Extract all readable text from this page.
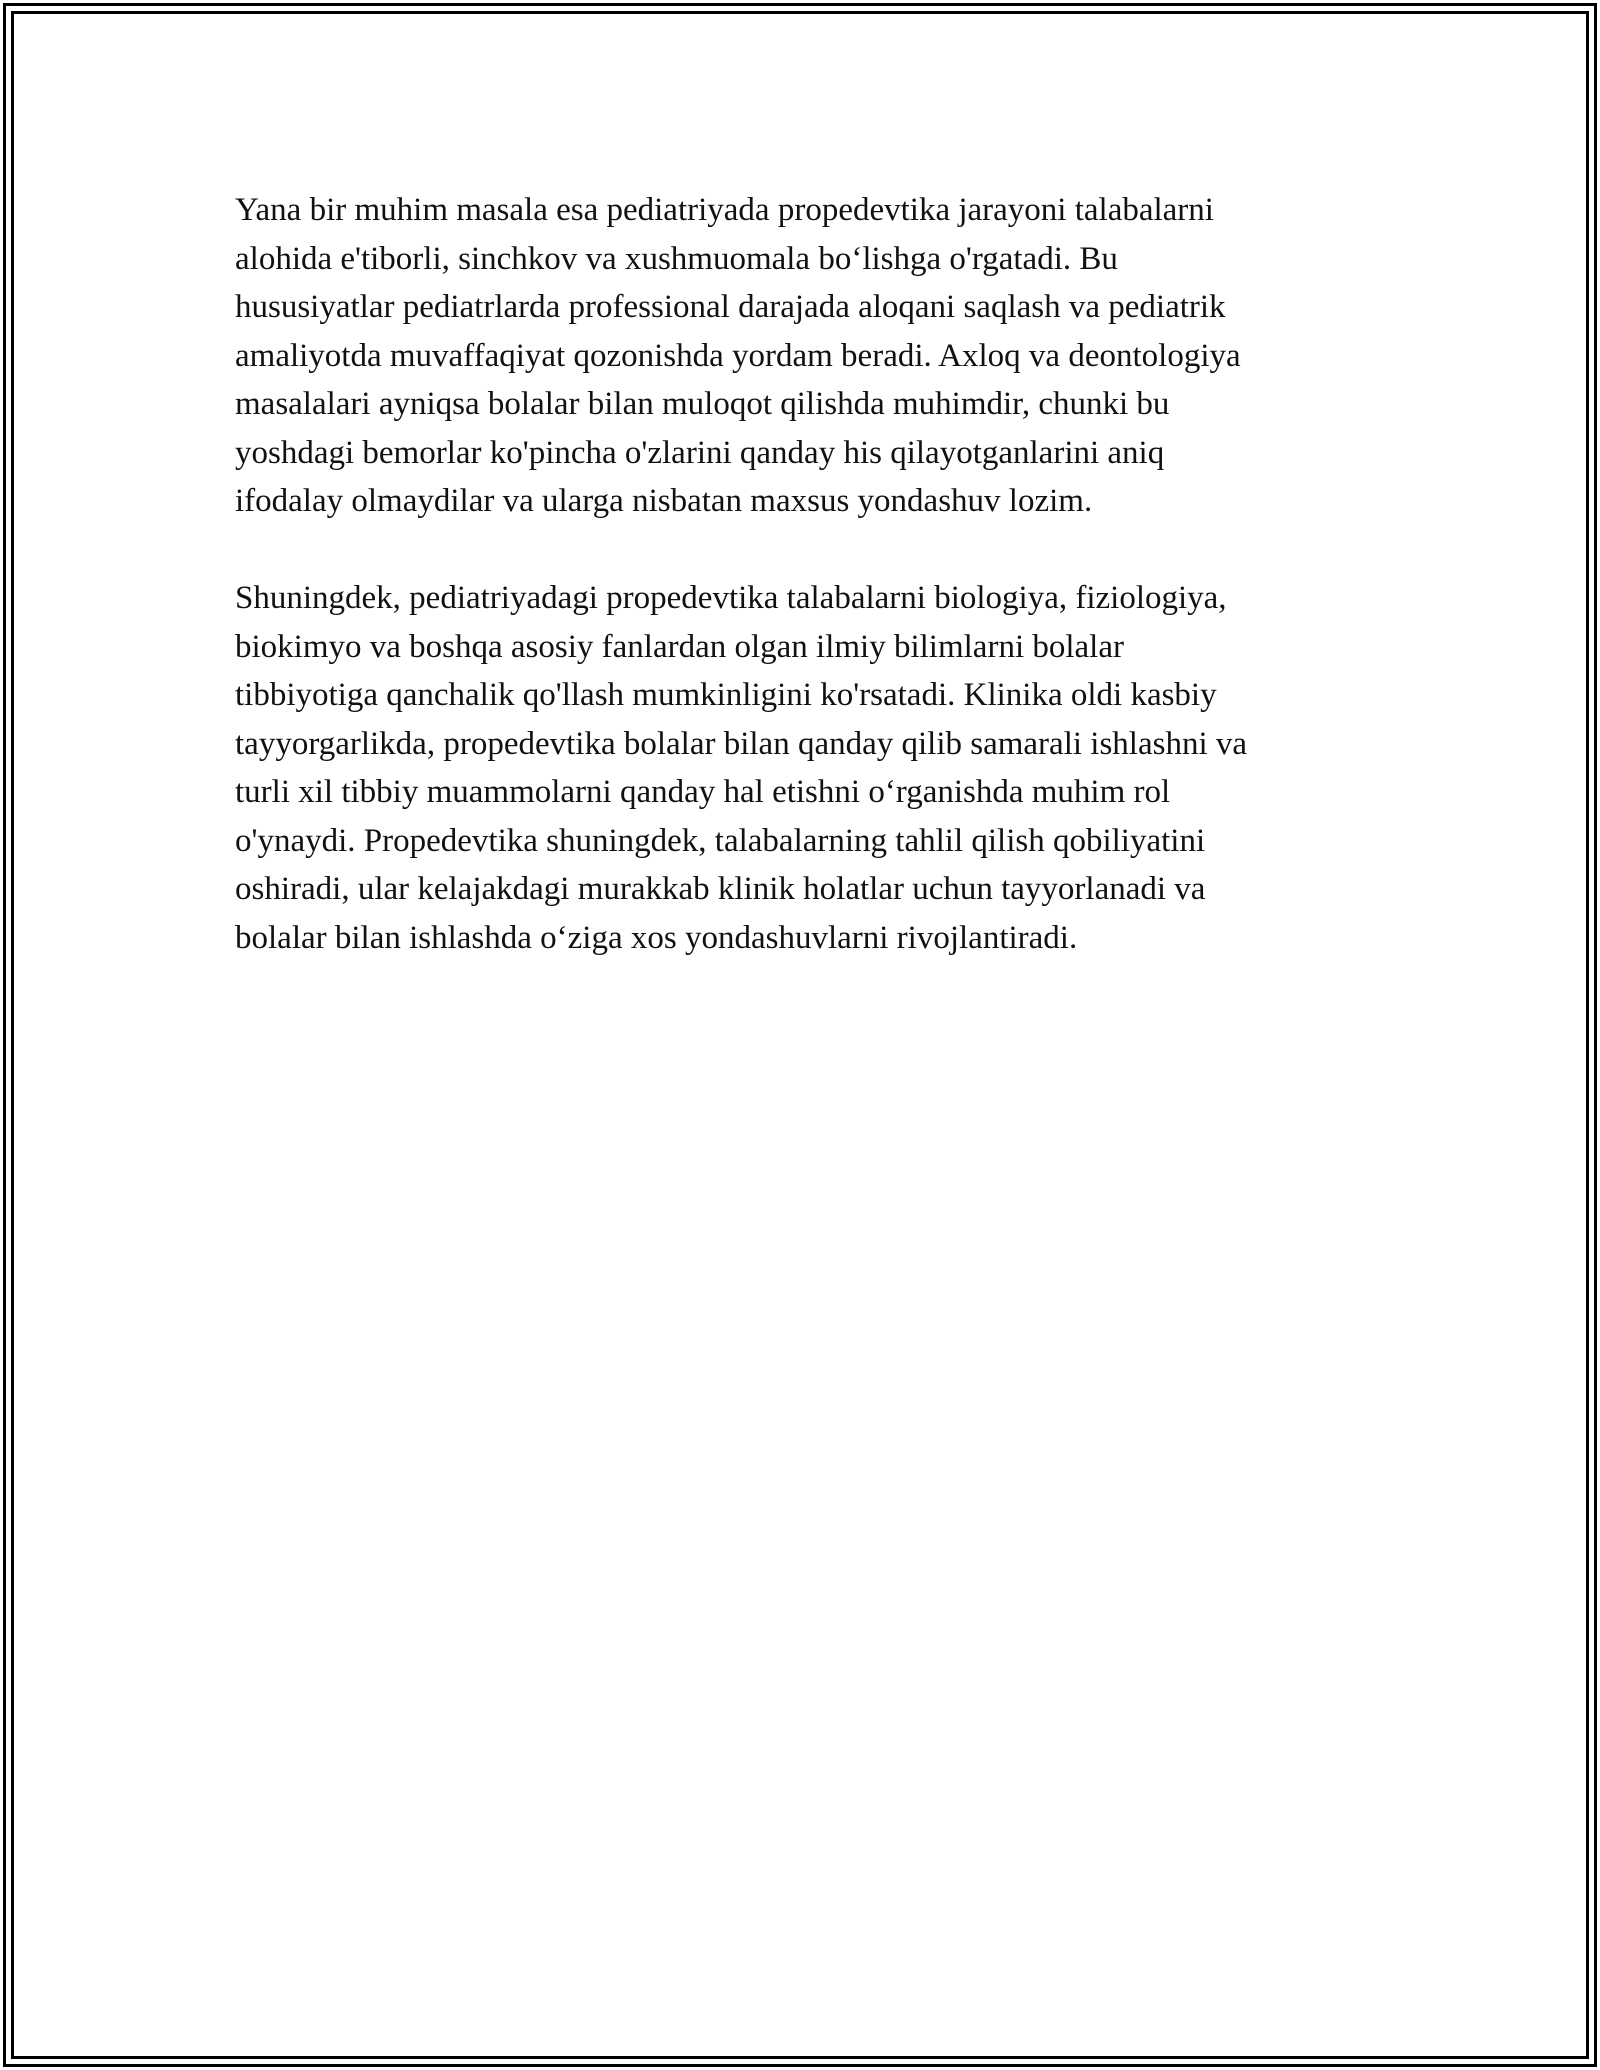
Yana bir muhim masala esa pediatriyada propedevtika jarayoni talabalarni
alohida e'tiborli, sinchkov va xushmuomala bo‘lishga o'rgatadi. Bu
hususiyatlar pediatrlarda professional darajada aloqani saqlash va pediatrik
amaliyotda muvaffaqiyat qozonishda yordam beradi. Axloq va deontologiya
masalalari ayniqsa bolalar bilan muloqot qilishda muhimdir, chunki bu
yoshdagi bemorlar ko'pincha o'zlarini qanday his qilayotganlarini aniq
ifodalay olmaydilar va ularga nisbatan maxsus yondashuv lozim.

Shuningdek, pediatriyadagi propedevtika talabalarni biologiya, fiziologiya,
biokimyo va boshqa asosiy fanlardan olgan ilmiy bilimlarni bolalar
tibbiyotiga qanchalik qo'llash mumkinligini ko'rsatadi. Klinika oldi kasbiy
tayyorgarlikda, propedevtika bolalar bilan qanday qilib samarali ishlashni va
turli xil tibbiy muammolarni qanday hal etishni o‘rganishda muhim rol
o'ynaydi. Propedevtika shuningdek, talabalarning tahlil qilish qobiliyatini
oshiradi, ular kelajakdagi murakkab klinik holatlar uchun tayyorlanadi va
bolalar bilan ishlashda o‘ziga xos yondashuvlarni rivojlantiradi.
